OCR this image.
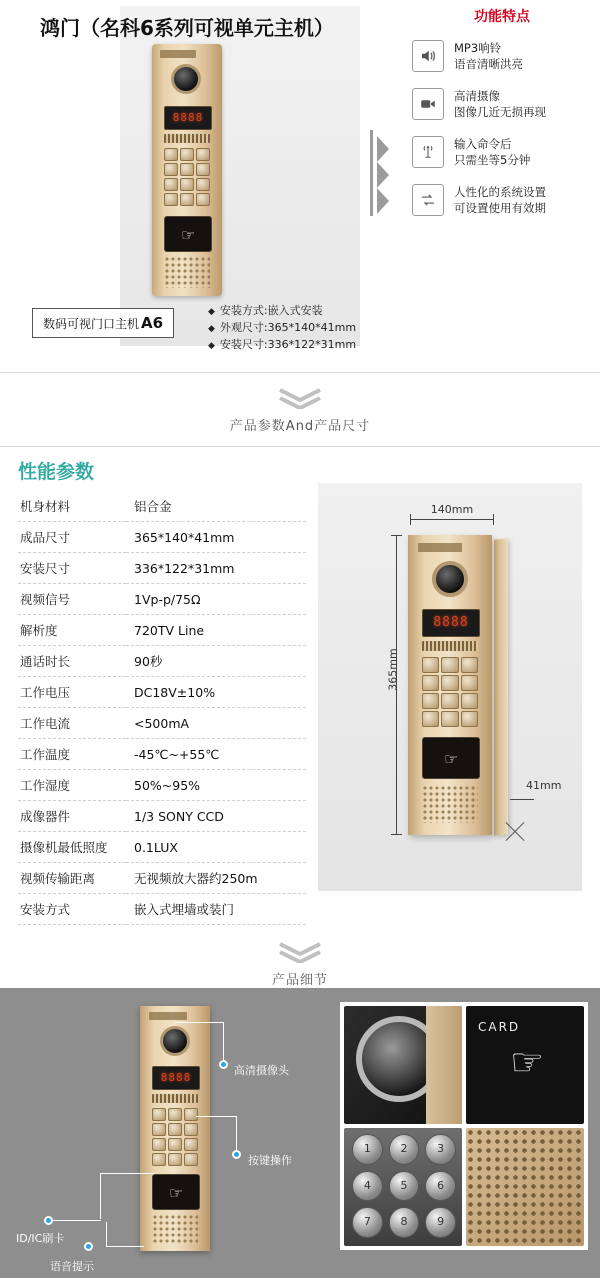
鸿门（名科6系列可视单元主机）
8888
☞
数码可视门口主机 A6
◆ 安装方式:嵌入式安装
◆ 外观尺寸:365*140*41mm
◆ 安装尺寸:336*122*31mm
功能特点
MP3响铃
语音清晰洪亮
高清摄像
图像几近无损再现
输入命令后
只需坐等5分钟
人性化的系统设置
可设置使用有效期
产品参数And产品尺寸
性能参数
机身材料	铝合金
成品尺寸	365*140*41mm
安装尺寸	336*122*31mm
视频信号	1Vp-p/75Ω
解析度	720TV Line
通话时长	90秒
工作电压	DC18V±10%
工作电流	<500mA
工作温度	-45℃~+55℃
工作湿度	50%~95%
成像器件	1/3 SONY CCD
摄像机最低照度	0.1LUX
视频传输距离	无视频放大器约250m
安装方式	嵌入式埋墙或装门
140mm
365mm
8888
☞
41mm
产品细节
8888
☞
高清摄像头
按键操作
ID/IC刷卡
语音提示
CARD
☞
1	2	3
4	5	6
7	8	9
